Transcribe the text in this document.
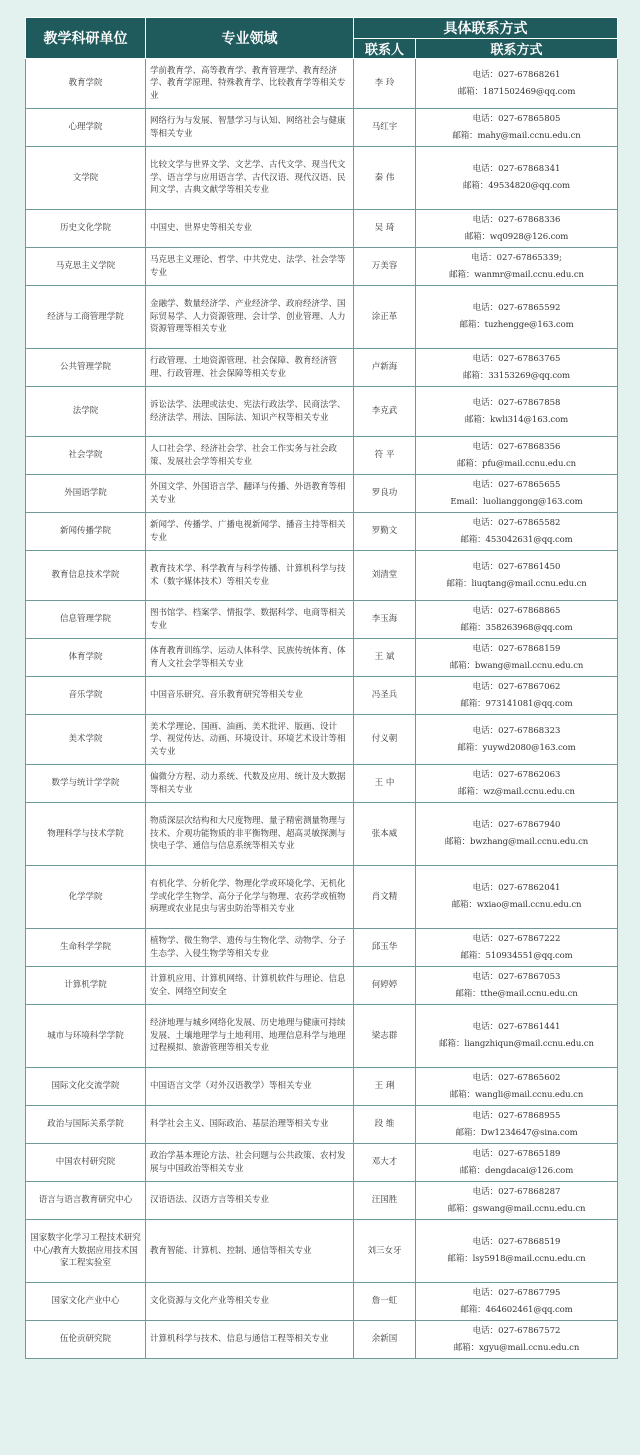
教学科研单位	专业领域	具体联系方式	
		联系人	联系方式
教育学院	学前教育学、高等教育学、教育管理学、教育经济学、教育学原理、特殊教育学、比较教育学等相关专业	李 玲	电话：027-67868261
邮箱：18715024​69@qq.com

心理学院	网络行为与发展、智慧学习与认知、网络社会与健康等相关专业	马红宇	电话：027-67865805
邮箱：mahy@mail.ccnu.edu.cn

文学院	比较文学与世界文学、文艺学、古代文学、现当代文学、语言学与应用语言学、古代汉语、现代汉语、民间文学、古典文献学等相关专业	秦 伟	电话：027-67868341
邮箱：49534820@qq.com

历史文化学院	中国史、世界史等相关专业	吴 琦	电话：027-67868336
邮箱：wq0928@126.com

马克思主义学院	马克思主义理论、哲学、中共党史、法学、社会学等专业	万美容	电话：027-67865339;
邮箱：wanmr@mail.ccnu.edu.cn

经济与工商管理学院	金融学、数量经济学、产业经济学、政府经济学、国际贸易学、人力资源管理、会计学、创业管理、人力资源管理等相关专业	涂正革	电话：027-67865592
邮箱：tuzhengge@163.com

公共管理学院	行政管理、土地资源管理、社会保障、教育经济管理、行政管理、社会保障等相关专业	卢新海	电话：027-67863765
邮箱：33153269@qq.com

法学院	诉讼法学、法理或法史、宪法行政法学、民商法学、经济法学、刑法、国际法、知识产权等相关专业	李克武	电话：027-67867858
邮箱：kwli314@163.com

社会学院	人口社会学、经济社会学、社会工作实务与社会政策、发展社会学等相关专业	符 平	电话：027-67868356
邮箱：pfu@mail.ccnu.edu.cn

外国语学院	外国文学、外国语言学、翻译与传播、外语教育等相关专业	罗良功	电话：027-67865655
Email：luolianggong@163.com

新闻传播学院	新闻学、传播学、广播电视新闻学、播音主持等相关专业	罗勤文	电话：027-67865582
邮箱：453042631@qq.com

教育信息技术学院	教育技术学、科学教育与科学传播、计算机科学与技术（数字媒体技术）等相关专业	刘清堂	电话：027-67861450
邮箱：liuqtang@mail.ccnu.edu.cn

信息管理学院	图书馆学、档案学、情报学、数据科学、电商等相关专业	李玉海	电话：027-67868865
邮箱：358263968@qq.com

体育学院	体育教育训练学、运动人体科学、民族传统体育、体育人文社会学等相关专业	王 斌	电话：027-67868159
邮箱：bwang@mail.ccnu.edu.cn

音乐学院	中国音乐研究、音乐教育研究等相关专业	冯圣兵	电话：027-67867062
邮箱：973141081@qq.com

美术学院	美术学理论、国画、油画、美术批评、版画、设计学、视觉传达、动画、环境设计、环境艺术设计等相关专业	付义朝	电话：027-67868323
邮箱：yuywd2080@163.com

数学与统计学学院	偏微分方程、动力系统、代数及应用、统计及大数据等相关专业	王 中	电话：027-67862063
邮箱：wz@mail.ccnu.edu.cn

物理科学与技术学院	物质深层次结构和大尺度物理、量子精密测量物理与技术、介观功能物质的非平衡物理、超高灵敏探测与快电子学、通信与信息系统等相关专业	张本威	电话：027-67867940
邮箱：bwzhang@mail.ccnu.edu.cn

化学学院	有机化学、分析化学、物理化学或环境化学、无机化学或化学生物学、高分子化学与物理、农药学或植物病理或农业昆虫与害虫防治等相关专业	肖文精	电话：027-67862041
邮箱：wxiao@mail.ccnu.edu.cn

生命科学学院	植物学、微生物学、遗传与生物化学、动物学、分子生态学、入侵生物学等相关专业	邱玉华	电话：027-67867222
邮箱：510934551@qq.com

计算机学院	计算机应用、计算机网络、计算机软件与理论、信息安全、网络空间安全	何婷婷	电话：027-67867053
邮箱：tthe@mail.ccnu.edu.cn

城市与环境科学学院	经济地理与城乡网络化发展、历史地理与健康可持续发展、土壤地理学与土地利用、地理信息科学与地理过程模拟、旅游管理等相关专业	梁志群	电话：027-67861441
邮箱：liangzhiqun@mail.ccnu.edu.cn

国际文化交流学院	中国语言文学（对外汉语教学）等相关专业	王 琍	电话：027-67865602
邮箱：wangli@mail.ccnu.edu.cn

政治与国际关系学院	科学社会主义、国际政治、基层治理等相关专业	段 维	电话：027-67868955
邮箱：Dw1234647@sina.com

中国农村研究院	政治学基本理论方法、社会问题与公共政策、农村发展与中国政治等相关专业	邓大才	电话：027-67865189
邮箱：dengdacai@126.com

语言与语言教育研究中心	汉语语法、汉语方言等相关专业	汪国胜	电话：027-67868287
邮箱：gswang@mail.ccnu.edu.cn

国家数字化学习工程技术研究中心/教育大数据应用技术国家工程实验室	教育智能、计算机、控制、通信等相关专业	刘三女牙	电话：027-67868519
邮箱：lsy5918@mail.ccnu.edu.cn

国家文化产业中心	文化资源与文化产业等相关专业	詹一虹	电话：027-67867795
邮箱：464602461@qq.com

伍伦贡研究院	计算机科学与技术、信息与通信工程等相关专业	余新国	电话：027-67867572
邮箱：xgyu@mail.ccnu.edu.cn
